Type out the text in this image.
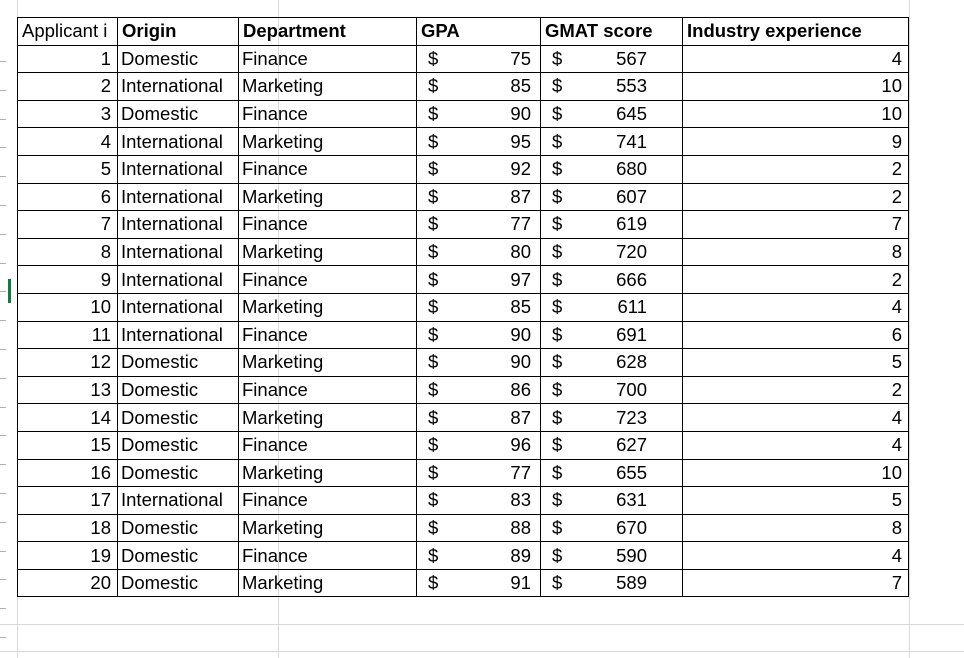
Applicant i	Origin	Department	GPA	GMAT score	Industry experience
1	Domestic	Finance	$ 75	$ 567	4
2	International	Marketing	$ 85	$ 553	10
3	Domestic	Finance	$ 90	$ 645	10
4	International	Marketing	$ 95	$ 741	9
5	International	Finance	$ 92	$ 680	2
6	International	Marketing	$ 87	$ 607	2
7	International	Finance	$ 77	$ 619	7
8	International	Marketing	$ 80	$ 720	8
9	International	Finance	$ 97	$ 666	2
10	International	Marketing	$ 85	$ 611	4
11	International	Finance	$ 90	$ 691	6
12	Domestic	Marketing	$ 90	$ 628	5
13	Domestic	Finance	$ 86	$ 700	2
14	Domestic	Marketing	$ 87	$ 723	4
15	Domestic	Finance	$ 96	$ 627	4
16	Domestic	Marketing	$ 77	$ 655	10
17	International	Finance	$ 83	$ 631	5
18	Domestic	Marketing	$ 88	$ 670	8
19	Domestic	Finance	$ 89	$ 590	4
20	Domestic	Marketing	$ 91	$ 589	7
